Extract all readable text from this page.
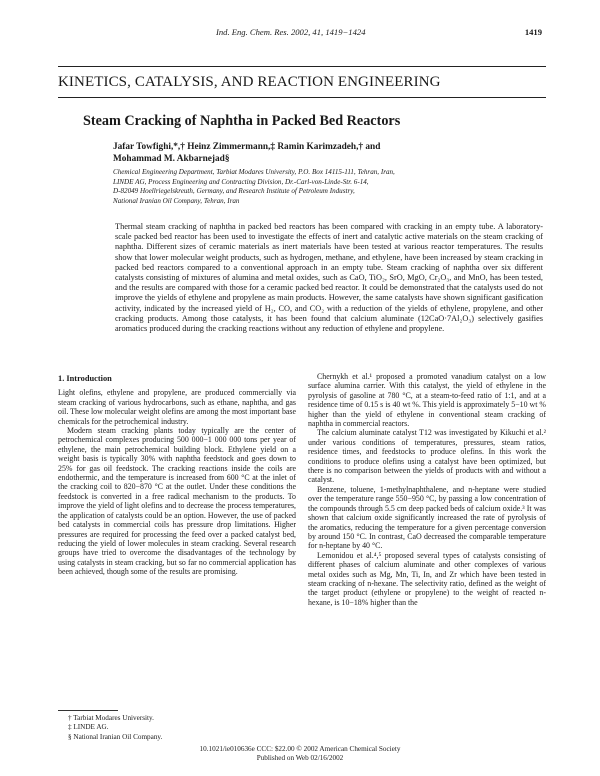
Ind. Eng. Chem. Res. 2002, 41, 1419−1424	1419
KINETICS, CATALYSIS, AND REACTION ENGINEERING
Steam Cracking of Naphtha in Packed Bed Reactors
Jafar Towfighi,*,† Heinz Zimmermann,‡ Ramin Karimzadeh,† and
Mohammad M. Akbarnejad§
Chemical Engineering Department, Tarbiat Modares University, P.O. Box 14115-111, Tehran, Iran,
LINDE AG, Process Engineering and Contracting Division, Dr.-Carl-von-Linde-Str. 6-14,
D-82049 Hoellriegelskreuth, Germany, and Research Institute of Petroleum Industry,
National Iranian Oil Company, Tehran, Iran
Thermal steam cracking of naphtha in packed bed reactors has been compared with cracking in an empty tube. A laboratory-scale packed bed reactor has been used to investigate the effects of inert and catalytic active materials on the steam cracking of naphtha. Different sizes of ceramic materials as inert materials have been tested at various reactor temperatures. The results show that lower molecular weight products, such as hydrogen, methane, and ethylene, have been increased by steam cracking in packed bed reactors compared to a conventional approach in an empty tube. Steam cracking of naphtha over six different catalysts consisting of mixtures of alumina and metal oxides, such as CaO, TiO₂, SrO, MgO, Cr₂O₃, and MnO, has been tested, and the results are compared with those for a ceramic packed bed reactor. It could be demonstrated that the catalysts used do not improve the yields of ethylene and propylene as main products. However, the same catalysts have shown significant gasification activity, indicated by the increased yield of H₂, CO, and CO₂ with a reduction of the yields of ethylene, propylene, and other cracking products. Among those catalysts, it has been found that calcium aluminate (12CaO·7Al₂O₃) selectively gasifies aromatics produced during the cracking reactions without any reduction of ethylene and propylene.
1. Introduction

Light olefins, ethylene and propylene, are produced commercially via steam cracking of various hydrocarbons, such as ethane, naphtha, and gas oil. These low molecular weight olefins are among the most important base chemicals for the petrochemical industry.

Modern steam cracking plants today typically are the center of petrochemical complexes producing 500 000−1 000 000 tons per year of ethylene, the main petrochemical building block. Ethylene yield on a weight basis is typically 30% with naphtha feedstock and goes down to 25% for gas oil feedstock. The cracking reactions inside the coils are endothermic, and the temperature is increased from 600 °C at the inlet of the cracking coil to 820−870 °C at the outlet. Under these conditions the feedstock is converted in a free radical mechanism to the products. To improve the yield of light olefins and to decrease the process temperatures, the application of catalysts could be an option. However, the use of packed bed catalysts in commercial coils has pressure drop limitations. Higher pressures are required for processing the feed over a packed catalyst bed, reducing the yield of lower molecules in steam cracking. Several research groups have tried to overcome the disadvantages of the technology by using catalysts in steam cracking, but so far no commercial application has been achieved, though some of the results are promising.

Chernykh et al.¹ proposed a promoted vanadium catalyst on a low surface alumina carrier. With this catalyst, the yield of ethylene in the pyrolysis of gasoline at 780 °C, at a steam-to-feed ratio of 1:1, and at a residence time of 0.15 s is 40 wt %. This yield is approximately 5−10 wt % higher than the yield of ethylene in conventional steam cracking of naphtha in commercial reactors.

The calcium aluminate catalyst T12 was investigated by Kikuchi et al.² under various conditions of temperatures, pressures, steam ratios, residence times, and feedstocks to produce olefins. In this work the conditions to produce olefins using a catalyst have been optimized, but there is no comparison between the yields of products with and without a catalyst.

Benzene, toluene, 1-methylnaphthalene, and n-heptane were studied over the temperature range 550−950 °C, by passing a low concentration of the compounds through 5.5 cm deep packed beds of calcium oxide.³ It was shown that calcium oxide significantly increased the rate of pyrolysis of the aromatics, reducing the temperature for a given percentage conversion by around 150 °C. In contrast, CaO decreased the comparable temperature for n-heptane by 40 °C.

Lemonidou et al.⁴,⁵ proposed several types of catalysts consisting of different phases of calcium aluminate and other complexes of various metal oxides such as Mg, Mn, Ti, In, and Zr which have been tested in steam cracking of n-hexane. The selectivity ratio, defined as the weight of the target product (ethylene or propylene) to the weight of reacted n-hexane, is 10−18% higher than the

† Tarbiat Modares University.
‡ LINDE AG.
§ National Iranian Oil Company.
10.1021/ie010636e CCC: $22.00 © 2002 American Chemical Society
Published on Web 02/16/2002
